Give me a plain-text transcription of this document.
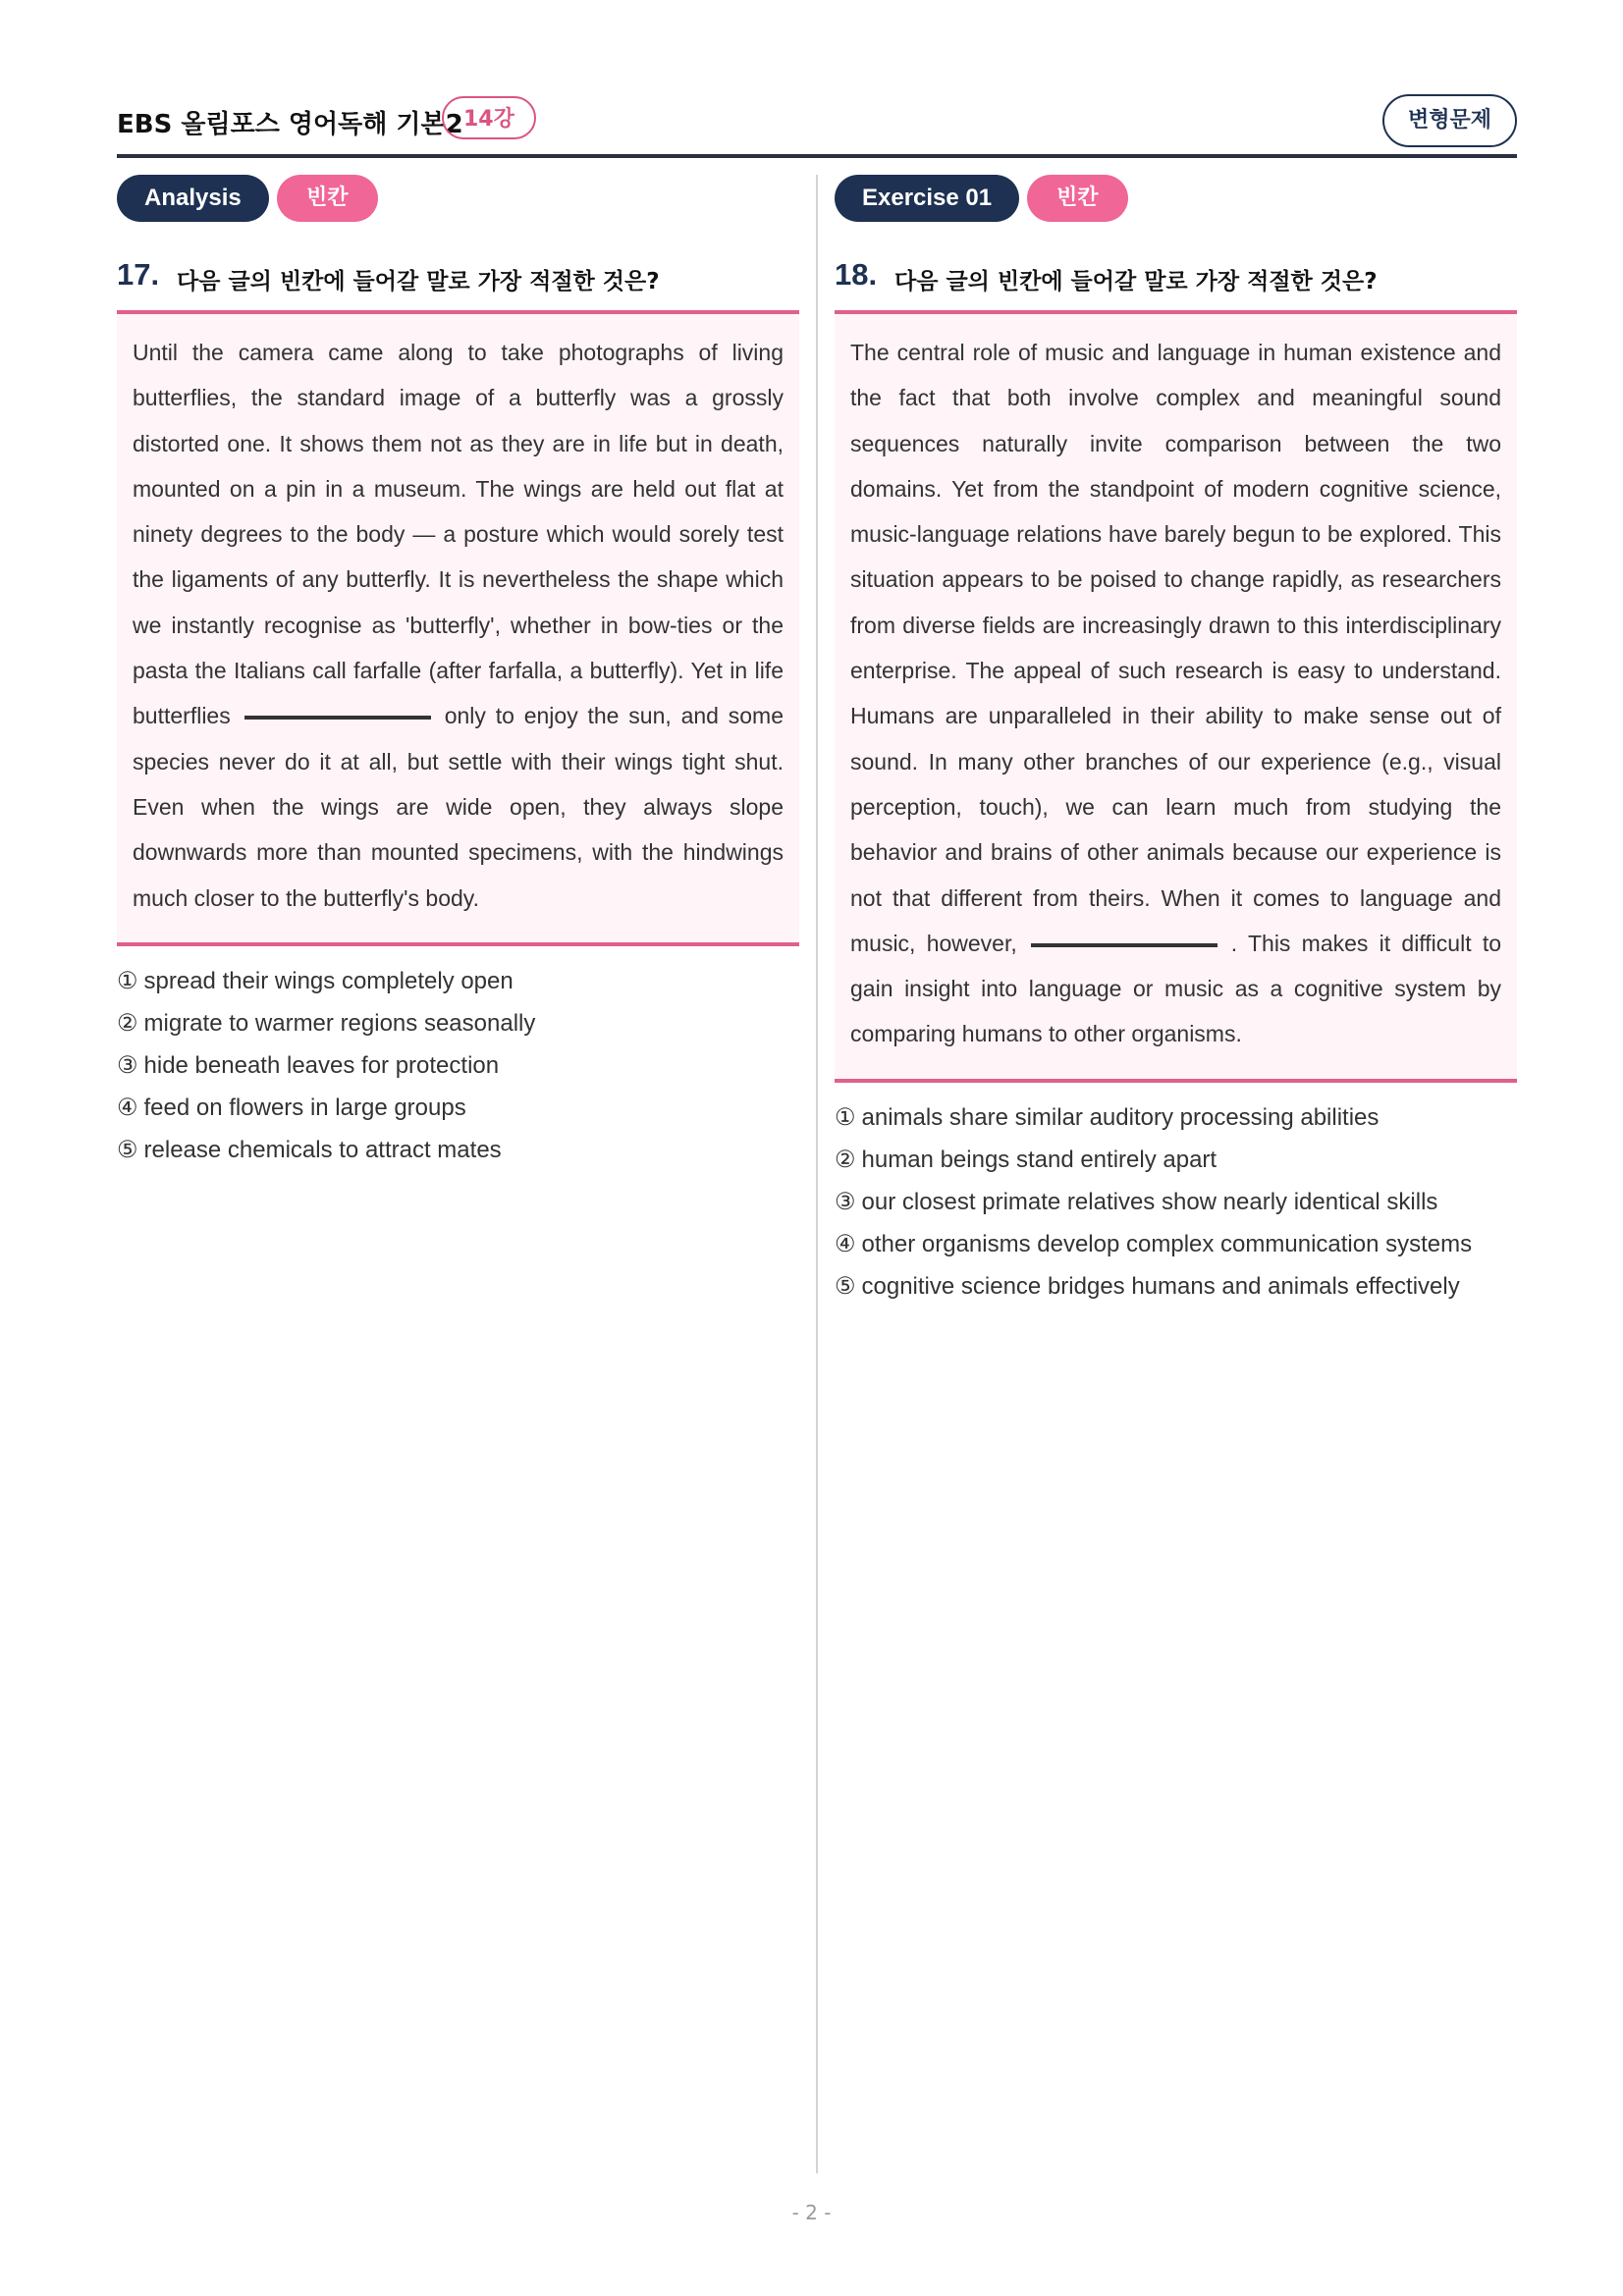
EBS 올림포스 영어독해 기본2 14강	변형문제
Analysis	빈칸
17. 다음 글의 빈칸에 들어갈 말로 가장 적절한 것은?

Until the camera came along to take photographs of living butterflies, the standard image of a butterfly was a grossly distorted one. It shows them not as they are in life but in death, mounted on a pin in a museum. The wings are held out flat at ninety degrees to the body — a posture which would sorely test the ligaments of any butterfly. It is nevertheless the shape which we instantly recognise as 'butterfly', whether in bow-ties or the pasta the Italians call farfalle (after farfalla, a butterfly). Yet in life butterflies	only to enjoy the sun, and some species never do it at all, but settle with their wings tight shut. Even when the wings are wide open, they always slope downwards more than mounted specimens, with the hindwings much closer to the butterfly's body.

① spread their wings completely open
② migrate to warmer regions seasonally
③ hide beneath leaves for protection
④ feed on flowers in large groups
⑤ release chemicals to attract mates
Exercise 01	빈칸
18. 다음 글의 빈칸에 들어갈 말로 가장 적절한 것은?

The central role of music and language in human existence and the fact that both involve complex and meaningful sound sequences naturally invite comparison between the two domains. Yet from the standpoint of modern cognitive science, music-language relations have barely begun to be explored. This situation appears to be poised to change rapidly, as researchers from diverse fields are increasingly drawn to this interdisciplinary enterprise. The appeal of such research is easy to understand. Humans are unparalleled in their ability to make sense out of sound. In many other branches of our experience (e.g., visual perception, touch), we can learn much from studying the behavior and brains of other animals because our experience is not that different from theirs. When it comes to language and music, however,	. This makes it difficult to gain insight into language or music as a cognitive system by comparing humans to other organisms.

① animals share similar auditory processing abilities
② human beings stand entirely apart
③ our closest primate relatives show nearly identical skills
④ other organisms develop complex communication systems
⑤ cognitive science bridges humans and animals effectively
- 2 -
